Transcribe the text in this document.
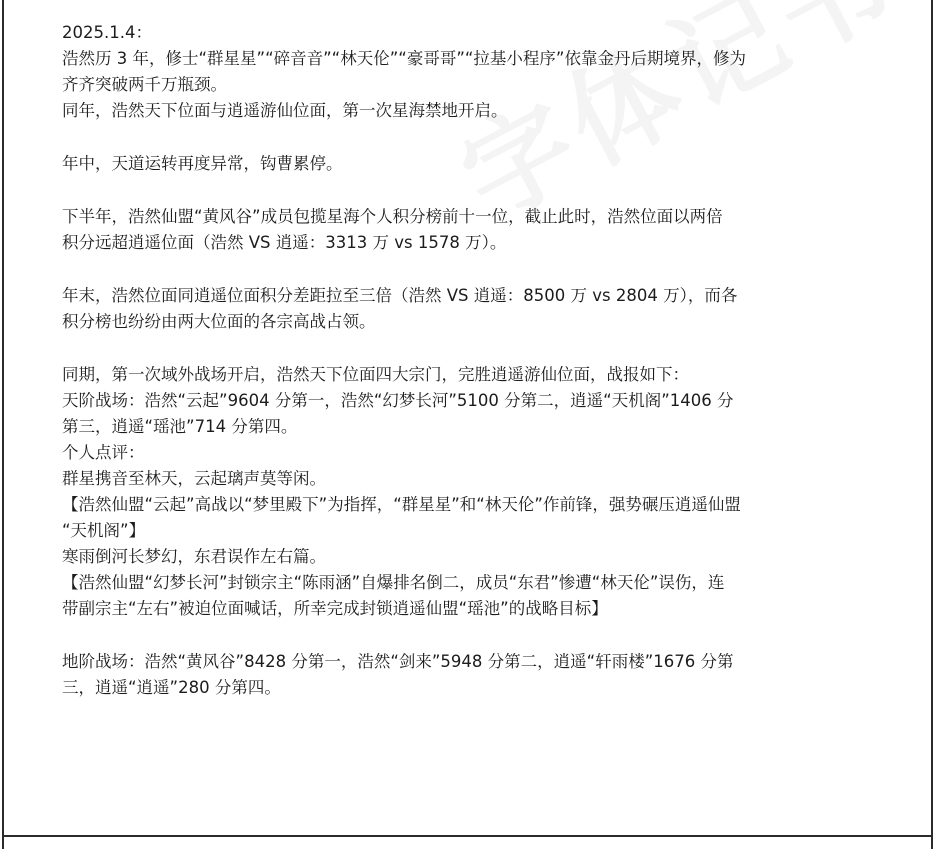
2025.1.4：
浩然历 3 年，修士“群星星”“碎音音”“林天伦”“豪哥哥”“拉基小程序”依靠金丹后期境界，修为
齐齐突破两千万瓶颈。
同年，浩然天下位面与逍遥游仙位面，第一次星海禁地开启。
年中，天道运转再度异常，钩曹累停。
下半年，浩然仙盟“黄风谷”成员包揽星海个人积分榜前十一位，截止此时，浩然位面以两倍
积分远超逍遥位面（浩然 VS 逍遥：3313 万 vs 1578 万）。
年末，浩然位面同逍遥位面积分差距拉至三倍（浩然 VS 逍遥：8500 万 vs 2804 万），而各
积分榜也纷纷由两大位面的各宗高战占领。
同期，第一次域外战场开启，浩然天下位面四大宗门，完胜逍遥游仙位面，战报如下：
天阶战场：浩然“云起”9604 分第一，浩然“幻梦长河”5100 分第二，逍遥“天机阁”1406 分
第三，逍遥“瑶池”714 分第四。
个人点评：
群星携音至林天，云起璃声莫等闲。
【浩然仙盟“云起”高战以“梦里殿下”为指挥，“群星星”和“林天伦”作前锋，强势碾压逍遥仙盟
“天机阁”】
寒雨倒河长梦幻，东君误作左右篇。
【浩然仙盟“幻梦长河”封锁宗主“陈雨涵”自爆排名倒二，成员“东君”惨遭“林天伦”误伤，连
带副宗主“左右”被迫位面喊话，所幸完成封锁逍遥仙盟“瑶池”的战略目标】
地阶战场：浩然“黄风谷”8428 分第一，浩然“剑来”5948 分第二，逍遥“轩雨楼”1676 分第
三，逍遥“逍遥”280 分第四。
